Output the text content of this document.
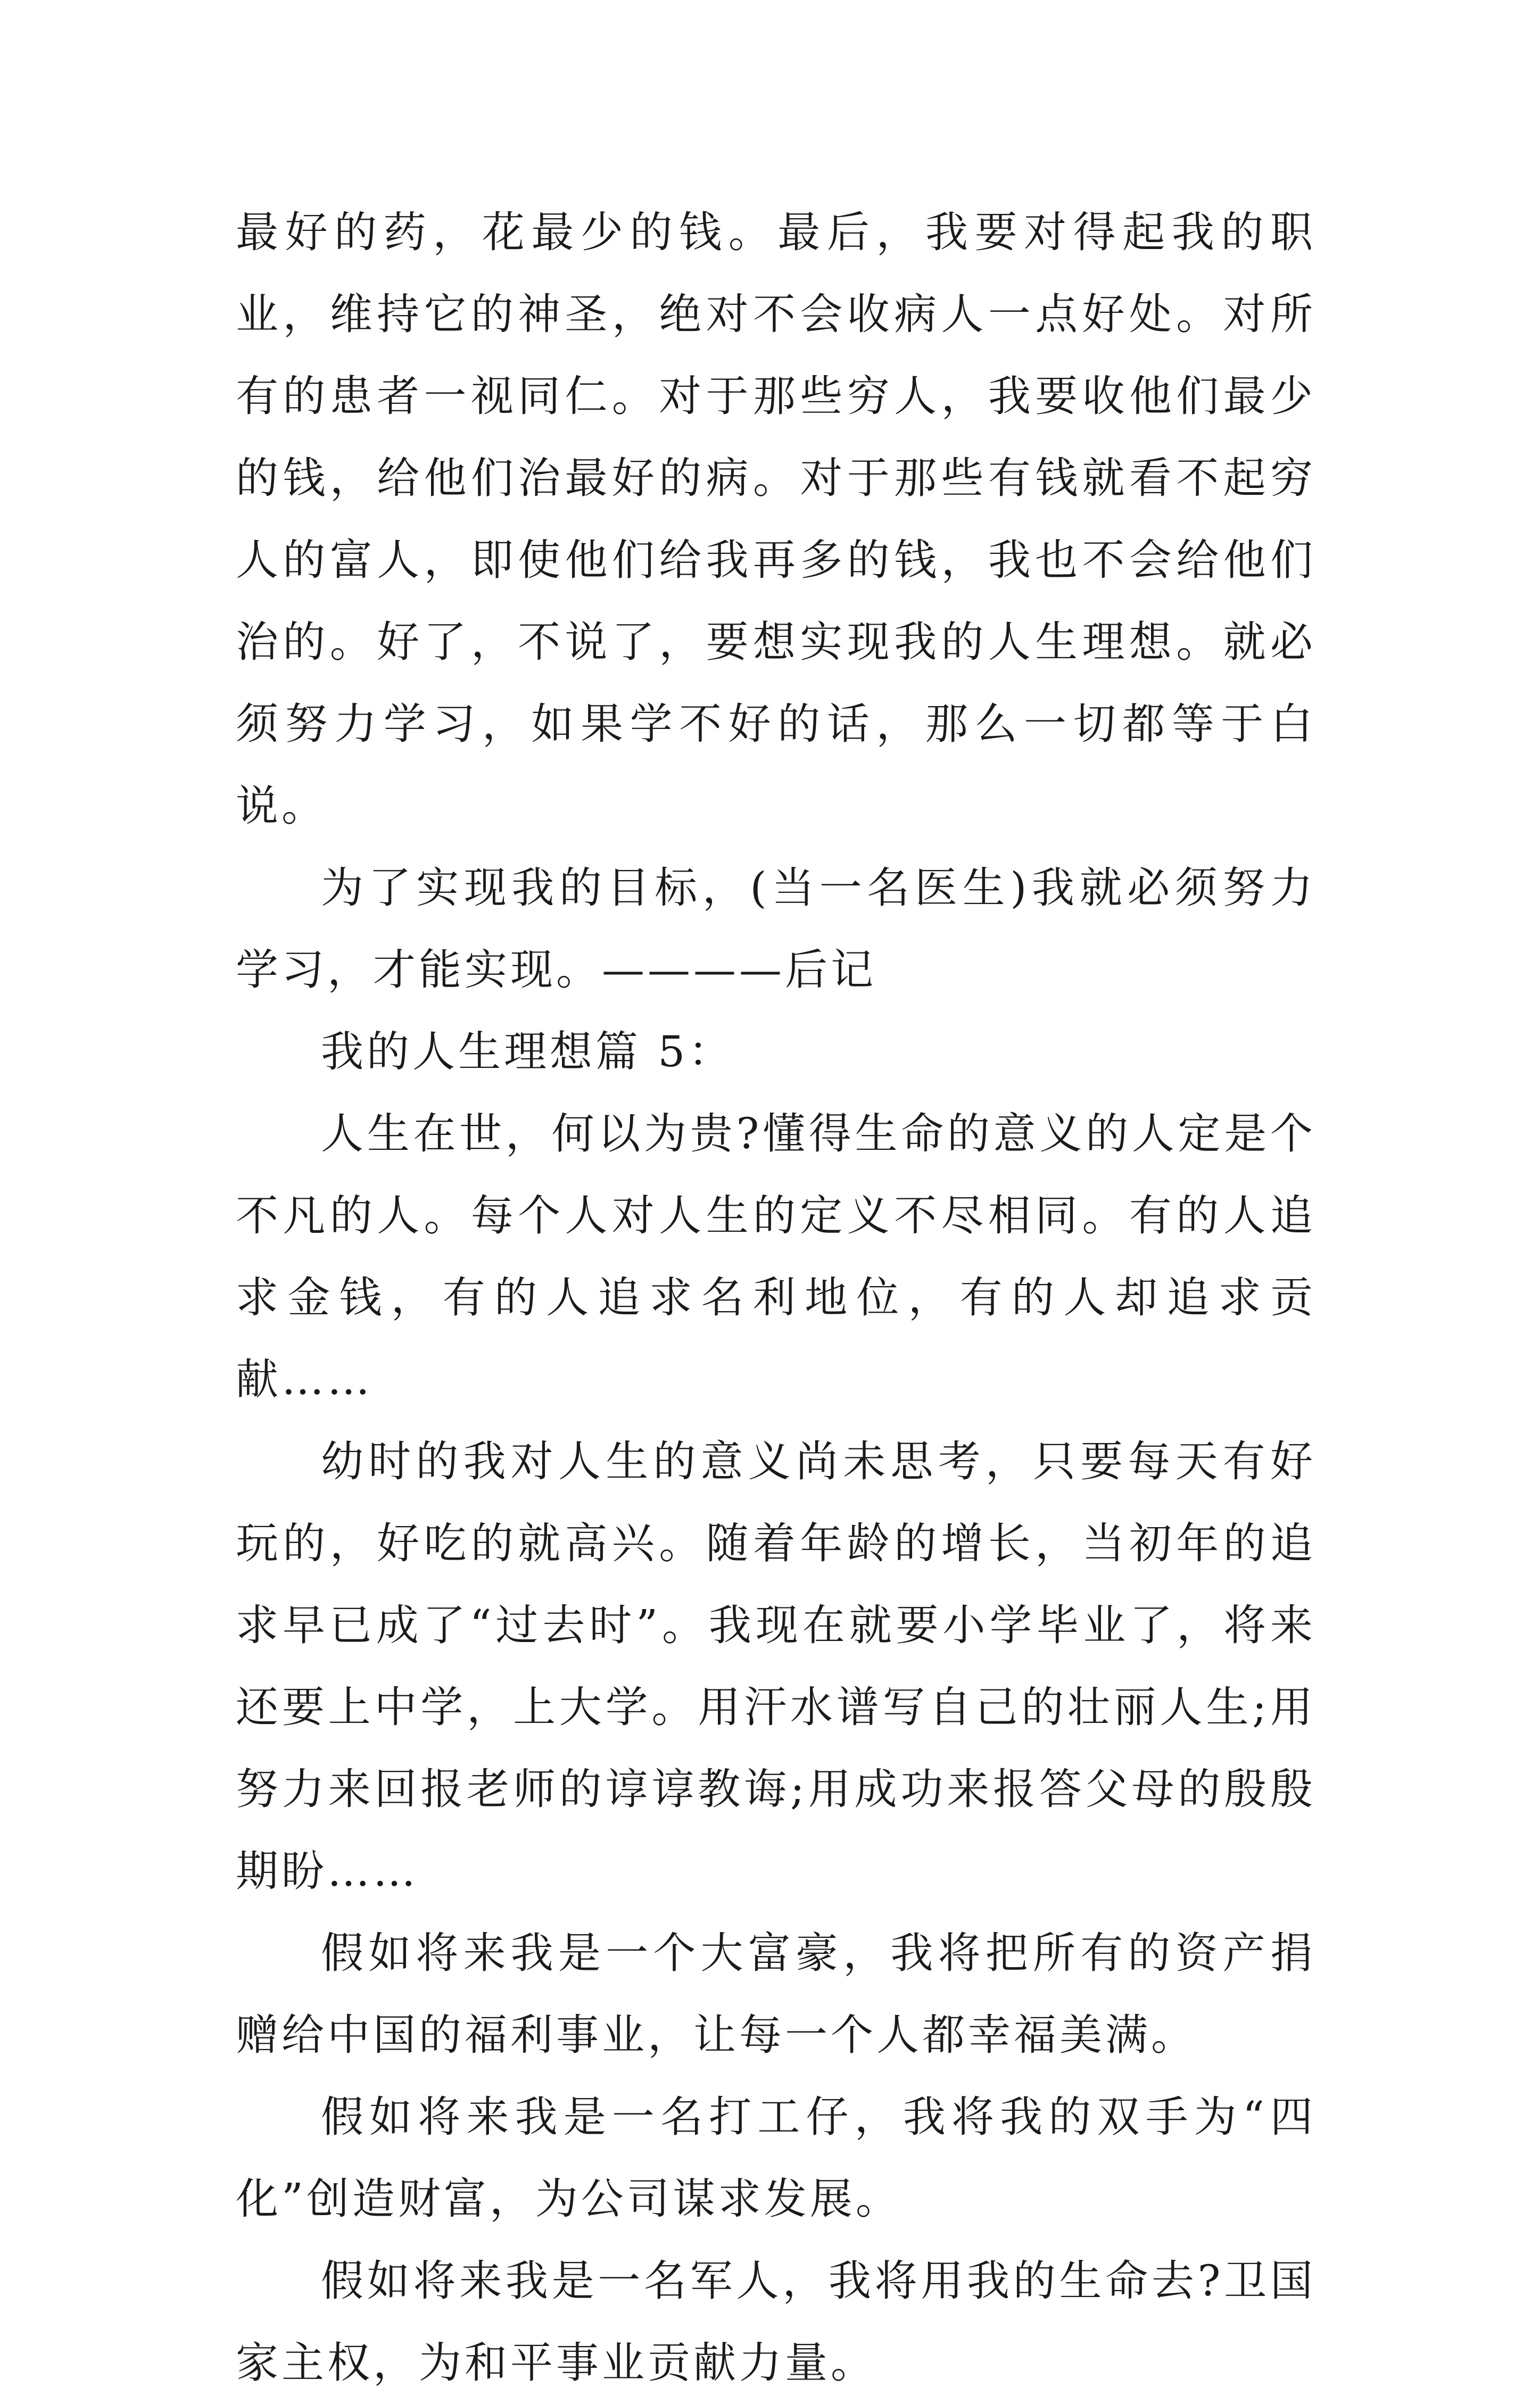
最好的药，花最少的钱。最后，我要对得起我的职业，维持它的神圣，绝对不会收病人一点好处。对所有的患者一视同仁。对于那些穷人，我要收他们最少的钱，给他们治最好的病。对于那些有钱就看不起穷人的富人，即使他们给我再多的钱，我也不会给他们治的。好了，不说了，要想实现我的人生理想。就必须努力学习，如果学不好的话，那么一切都等于白说。

为了实现我的目标，(当一名医生)我就必须努力学习，才能实现。————后记

我的人生理想篇 5：

人生在世，何以为贵?懂得生命的意义的人定是个不凡的人。每个人对人生的定义不尽相同。有的人追求金钱，有的人追求名利地位，有的人却追求贡献……

幼时的我对人生的意义尚未思考，只要每天有好玩的，好吃的就高兴。随着年龄的增长，当初年的追求早已成了“过去时”。我现在就要小学毕业了，将来还要上中学，上大学。用汗水谱写自己的壮丽人生;用努力来回报老师的谆谆教诲;用成功来报答父母的殷殷期盼……

假如将来我是一个大富豪，我将把所有的资产捐赠给中国的福利事业，让每一个人都幸福美满。

假如将来我是一名打工仔，我将我的双手为“四化”创造财富，为公司谋求发展。

假如将来我是一名军人，我将用我的生命去?卫国家主权，为和平事业贡献力量。
